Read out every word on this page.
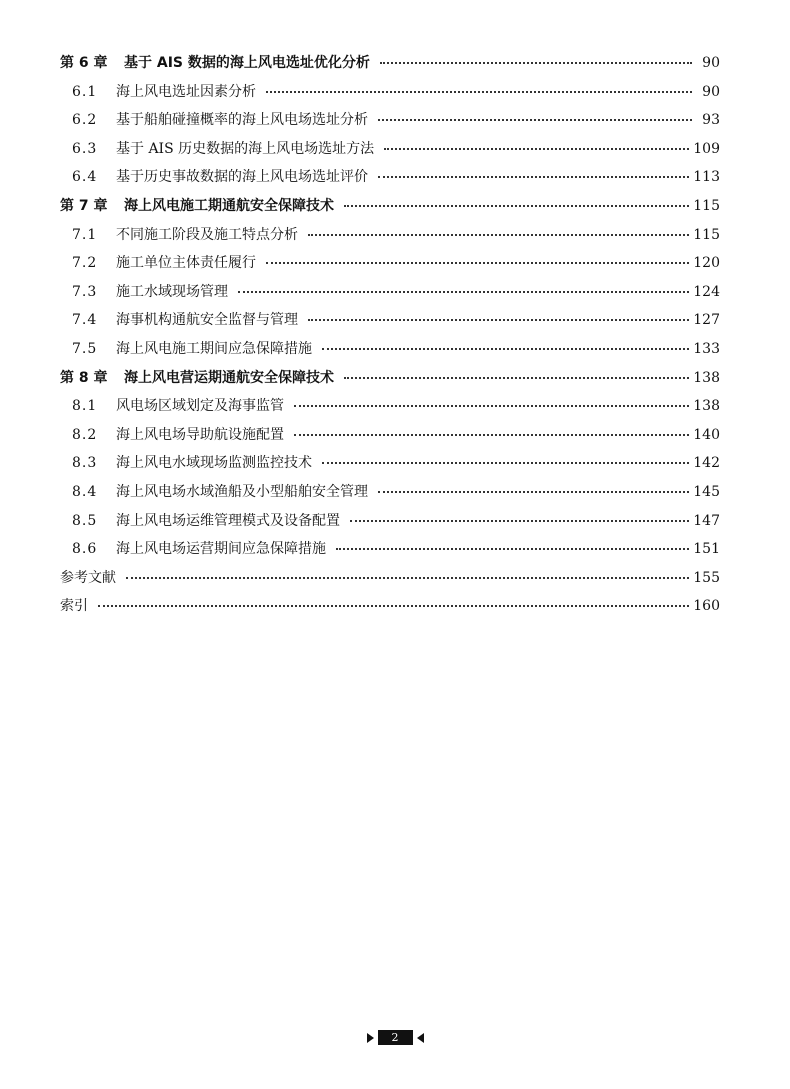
第 6 章	基于 AIS 数据的海上风电选址优化分析	90
6.1	海上风电选址因素分析	90
6.2	基于船舶碰撞概率的海上风电场选址分析	93
6.3	基于 AIS 历史数据的海上风电场选址方法	109
6.4	基于历史事故数据的海上风电场选址评价	113
第 7 章	海上风电施工期通航安全保障技术	115
7.1	不同施工阶段及施工特点分析	115
7.2	施工单位主体责任履行	120
7.3	施工水域现场管理	124
7.4	海事机构通航安全监督与管理	127
7.5	海上风电施工期间应急保障措施	133
第 8 章	海上风电营运期通航安全保障技术	138
8.1	风电场区域划定及海事监管	138
8.2	海上风电场导助航设施配置	140
8.3	海上风电水域现场监测监控技术	142
8.4	海上风电场水域渔船及小型船舶安全管理	145
8.5	海上风电场运维管理模式及设备配置	147
8.6	海上风电场运营期间应急保障措施	151
参考文献	155
索引	160
2
